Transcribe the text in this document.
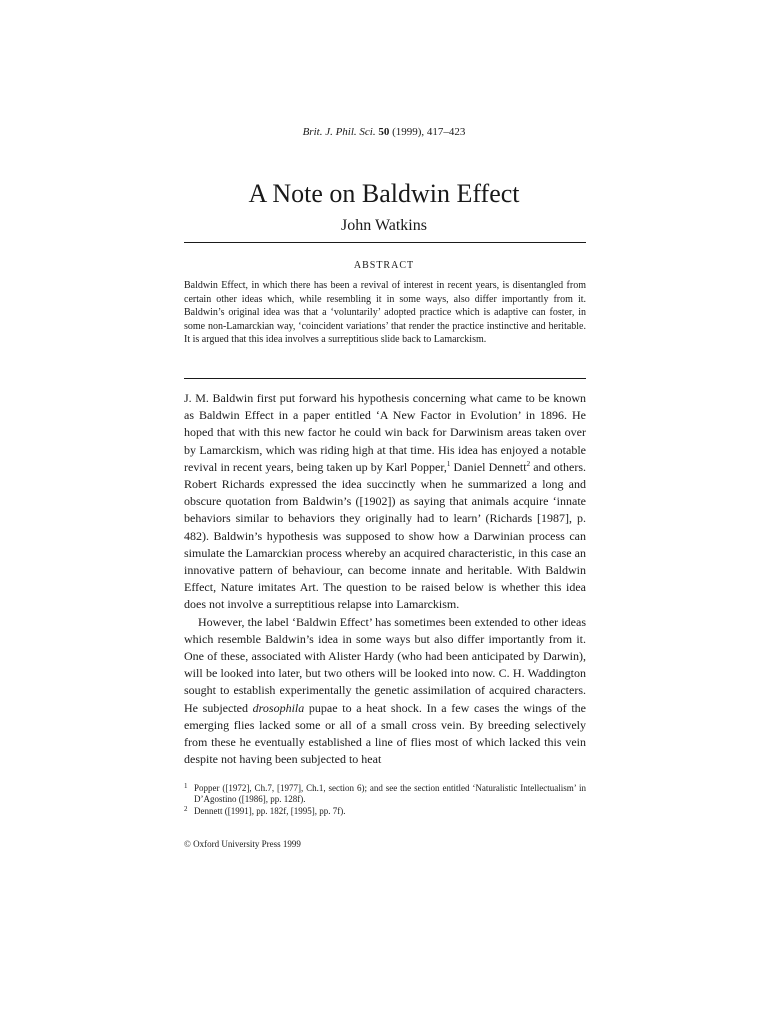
Brit. J. Phil. Sci. 50 (1999), 417–423
A Note on Baldwin Effect
John Watkins
ABSTRACT

Baldwin Effect, in which there has been a revival of interest in recent years, is disentangled from certain other ideas which, while resembling it in some ways, also differ importantly from it. Baldwin’s original idea was that a ‘voluntarily’ adopted practice which is adaptive can foster, in some non-Lamarckian way, ‘coincident variations’ that render the practice instinctive and heritable. It is argued that this idea involves a surreptitious slide back to Lamarckism.

J. M. Baldwin first put forward his hypothesis concerning what came to be known as Baldwin Effect in a paper entitled ‘A New Factor in Evolution’ in 1896. He hoped that with this new factor he could win back for Darwinism areas taken over by Lamarckism, which was riding high at that time. His idea has enjoyed a notable revival in recent years, being taken up by Karl Popper,$^1$ Daniel Dennett$^2$ and others. Robert Richards expressed the idea succinctly when he summarized a long and obscure quotation from Baldwin’s ([1902]) as saying that animals acquire ‘innate behaviors similar to behaviors they originally had to learn’ (Richards [1987], p. 482). Baldwin’s hypothesis was supposed to show how a Darwinian process can simulate the Lamarckian process whereby an acquired characteristic, in this case an innovative pattern of behaviour, can become innate and heritable. With Baldwin Effect, Nature imitates Art. The question to be raised below is whether this idea does not involve a surreptitious relapse into Lamarckism.

However, the label ‘Baldwin Effect’ has sometimes been extended to other ideas which resemble Baldwin’s idea in some ways but also differ importantly from it. One of these, associated with Alister Hardy (who had been anticipated by Darwin), will be looked into later, but two others will be looked into now. C. H. Waddington sought to establish experimentally the genetic assimilation of acquired characters. He subjected drosophila pupae to a heat shock. In a few cases the wings of the emerging flies lacked some or all of a small cross vein. By breeding selectively from these he eventually established a line of flies most of which lacked this vein despite not having been subjected to heat

1 Popper ([1972], Ch.7, [1977], Ch.1, section 6); and see the section entitled ‘Naturalistic Intellectualism’ in D’Agostino ([1986], pp. 128f).
2 Dennett ([1991], pp. 182f, [1995], pp. 7f).
© Oxford University Press 1999
